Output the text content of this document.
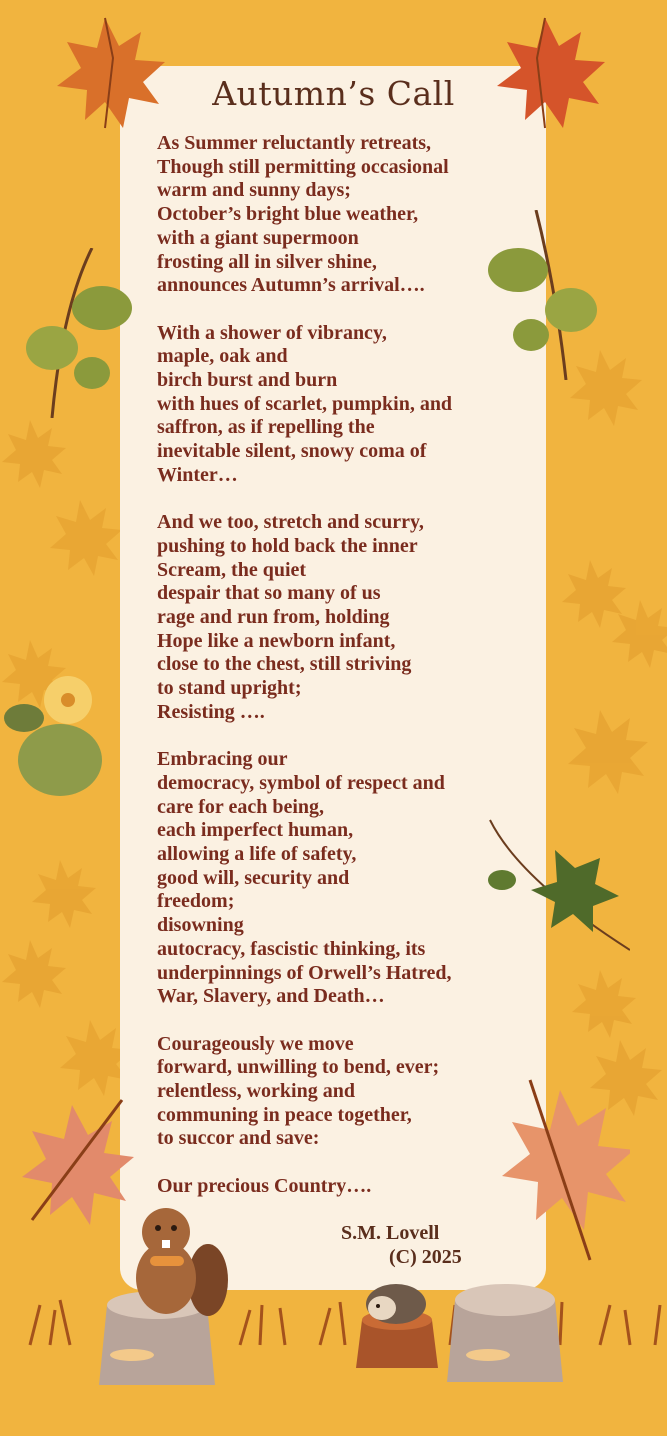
Autumn’s Call
As Summer reluctantly retreats,
Though still permitting occasional
warm and sunny days;
October’s bright blue weather,
with a giant supermoon
frosting all in silver shine,
announces Autumn’s arrival….
With a shower of vibrancy,
maple, oak and
birch burst and burn
with hues of scarlet, pumpkin, and
saffron, as if repelling the
inevitable silent, snowy coma of
Winter…
And we too, stretch and scurry,
pushing to hold back the inner
Scream, the quiet
despair that so many of us
rage and run from, holding
Hope like a newborn infant,
close to the chest, still striving
to stand upright;
Resisting ….
Embracing our
democracy, symbol of respect and
care for each being,
each imperfect human,
allowing a life of safety,
good will, security and
freedom;
disowning
autocracy, fascistic thinking, its
underpinnings of Orwell’s Hatred,
War, Slavery, and Death…
Courageously we move
forward, unwilling to bend, ever;
relentless, working and
communing in peace together,
to succor and save:
Our precious Country….
S.M. Lovell
(C) 2025
